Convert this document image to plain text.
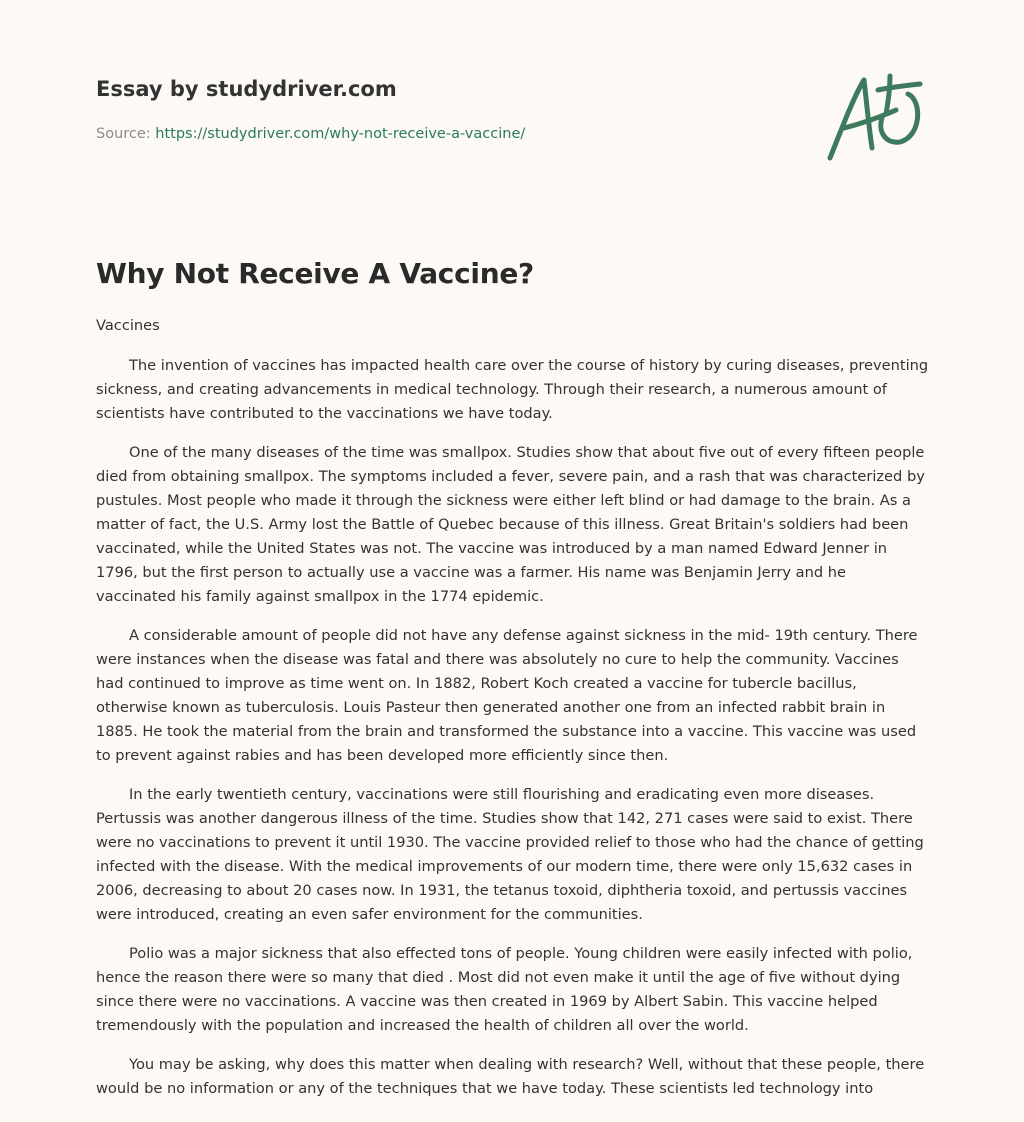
Essay by studydriver.com

Source: https://studydriver.com/why-not-receive-a-vaccine/
Why Not Receive A Vaccine?

Vaccines

The invention of vaccines has impacted health care over the course of history by curing diseases, preventing sickness, and creating advancements in medical technology. Through their research, a numerous amount of scientists have contributed to the vaccinations we have today.

One of the many diseases of the time was smallpox. Studies show that about five out of every fifteen people died from obtaining smallpox. The symptoms included a fever, severe pain, and a rash that was characterized by pustules. Most people who made it through the sickness were either left blind or had damage to the brain. As a matter of fact, the U.S. Army lost the Battle of Quebec because of this illness. Great Britain's soldiers had been vaccinated, while the United States was not. The vaccine was introduced by a man named Edward Jenner in 1796, but the first person to actually use a vaccine was a farmer. His name was Benjamin Jerry and he vaccinated his family against smallpox in the 1774 epidemic.

A considerable amount of people did not have any defense against sickness in the mid- 19th century. There were instances when the disease was fatal and there was absolutely no cure to help the community. Vaccines had continued to improve as time went on. In 1882, Robert Koch created a vaccine for tubercle bacillus, otherwise known as tuberculosis. Louis Pasteur then generated another one from an infected rabbit brain in 1885. He took the material from the brain and transformed the substance into a vaccine. This vaccine was used to prevent against rabies and has been developed more efficiently since then.

In the early twentieth century, vaccinations were still flourishing and eradicating even more diseases. Pertussis was another dangerous illness of the time. Studies show that 142, 271 cases were said to exist. There were no vaccinations to prevent it until 1930. The vaccine provided relief to those who had the chance of getting infected with the disease. With the medical improvements of our modern time, there were only 15,632 cases in 2006, decreasing to about 20 cases now. In 1931, the tetanus toxoid, diphtheria toxoid, and pertussis vaccines were introduced, creating an even safer environment for the communities.

Polio was a major sickness that also effected tons of people. Young children were easily infected with polio, hence the reason there were so many that died . Most did not even make it until the age of five without dying since there were no vaccinations. A vaccine was then created in 1969 by Albert Sabin. This vaccine helped tremendously with the population and increased the health of children all over the world.

You may be asking, why does this matter when dealing with research? Well, without that these people, there would be no information or any of the techniques that we have today. These scientists led technology into
